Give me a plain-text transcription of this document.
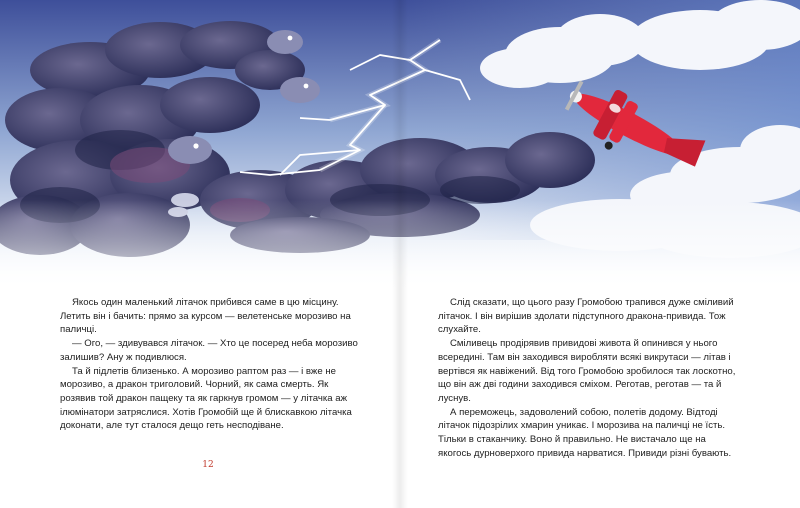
Якось один маленький літачок прибився саме в цю місцину. Летить він і бачить: прямо за курсом — велетенське морозиво на паличці.

— Ого, — здивувався літачок. — Хто це посеред неба морозиво залишив? Ану ж подивлюся.

Та й підлетів близенько. А морозиво раптом раз — і вже не морозиво, а дракон триголовий. Чорний, як сама смерть. Як розявив той дракон пащеку та як гаркнув громом — у літачка аж ілюмінатори затряслися. Хотів Громобій ще й блискавкою літачка доконати, але тут сталося дещо геть несподіване.

12

Слід сказати, що цього разу Громобою трапився дуже сміливий літачок. І він вирішив здолати підступного дракона-привида. Тож слухайте.

Сміливець продірявив привидові живота й опинився у нього всередині. Там він заходився виробляти всякі викрутаси — літав і вертівся як навіжений. Від того Громобою зробилося так лоскотно, що він аж дві години заходився сміхом. Реготав, реготав — та й луснув.

А переможець, задоволений собою, полетів додому. Відтоді літачок підозрілих хмарин уникає. І морозива на паличці не їсть. Тільки в стаканчику. Воно й правильно. Не вистачало ще на якогось дурноверхого привида нарватися. Привиди різні бувають.
